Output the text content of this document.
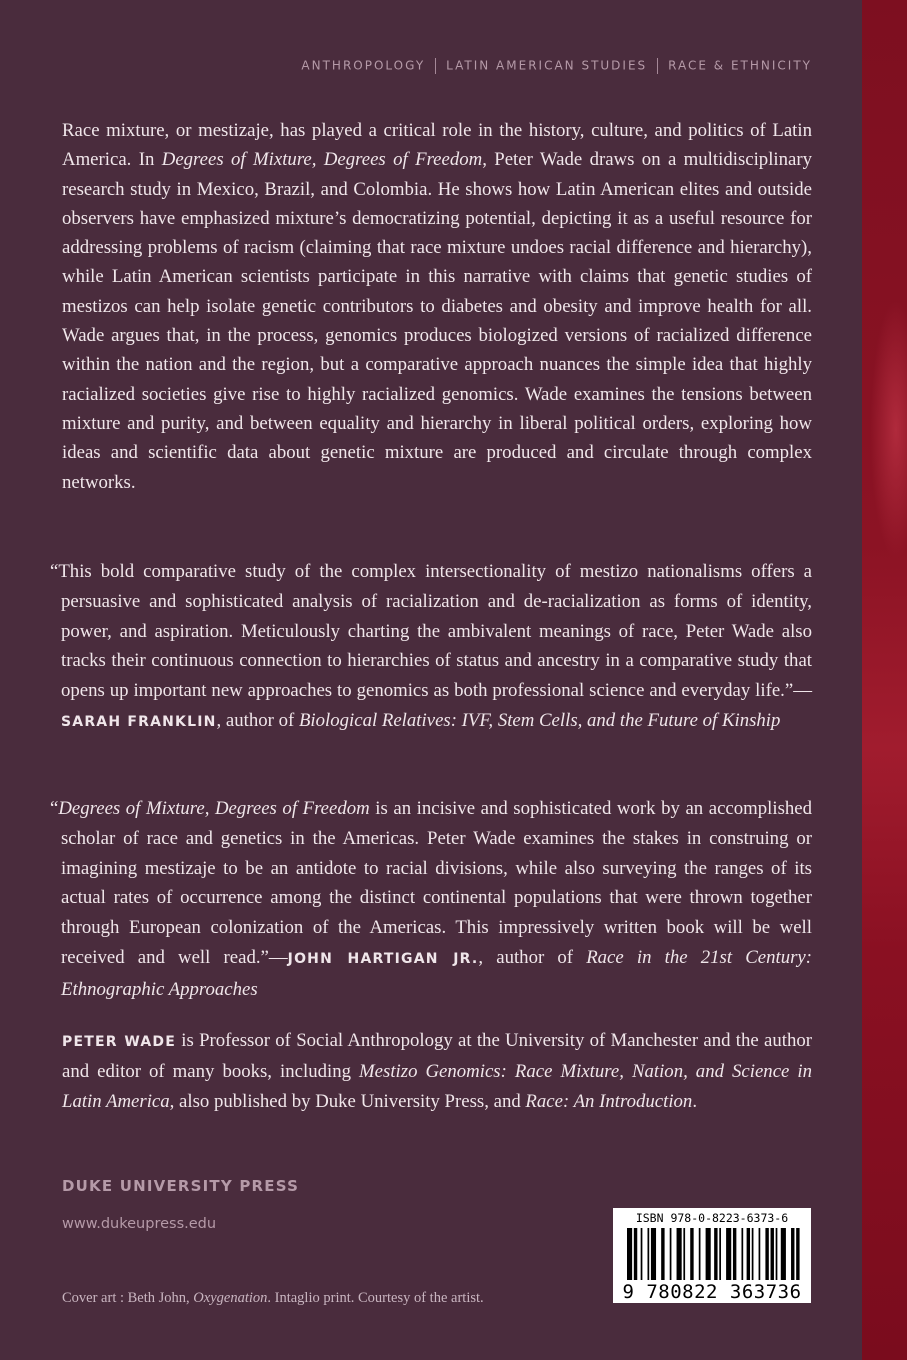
ANTHROPOLOGY LATIN AMERICAN STUDIES RACE & ETHNICITY
Race mixture, or mestizaje, has played a critical role in the history, culture, and politics of Latin America. In Degrees of Mixture, Degrees of Freedom, Peter Wade draws on a multidisciplinary research study in Mexico, Brazil, and Colombia. He shows how Latin American elites and outside observers have emphasized mixture’s democratizing potential, depicting it as a useful resource for addressing problems of racism (claiming that race mixture undoes racial difference and hierarchy), while Latin American scientists participate in this narrative with claims that genetic studies of mestizos can help isolate genetic contributors to diabetes and obesity and improve health for all. Wade argues that, in the process, genomics produces biologized versions of racialized difference within the nation and the region, but a comparative approach nuances the simple idea that highly racialized societies give rise to highly racialized genomics. Wade examines the tensions between mixture and purity, and between equality and hierarchy in liberal political orders, exploring how ideas and scientific data about genetic mixture are produced and circulate through complex networks.
“This bold comparative study of the complex intersectionality of mestizo nationalisms offers a persuasive and sophisticated analysis of racialization and de-racialization as forms of identity, power, and aspiration. Meticulously charting the ambivalent meanings of race, Peter Wade also tracks their continuous connection to hierarchies of status and ancestry in a comparative study that opens up important new approaches to genomics as both professional science and everyday life.”—SARAH FRANKLIN, author of Biological Relatives: IVF, Stem Cells, and the Future of Kinship
“Degrees of Mixture, Degrees of Freedom is an incisive and sophisticated work by an accomplished scholar of race and genetics in the Americas. Peter Wade examines the stakes in construing or imagining mestizaje to be an antidote to racial divisions, while also surveying the ranges of its actual rates of occurrence among the distinct continental populations that were thrown together through European colonization of the Americas. This impressively written book will be well received and well read.”—JOHN HARTIGAN JR., author of Race in the 21st Century: Ethnographic Approaches
PETER WADE is Professor of Social Anthropology at the University of Manchester and the author and editor of many books, including Mestizo Genomics: Race Mixture, Nation, and Science in Latin America, also published by Duke University Press, and Race: An Introduction.
DUKE UNIVERSITY PRESS
www.dukeupress.edu
Cover art : Beth John, Oxygenation. Intaglio print. Courtesy of the artist.
ISBN 978-0-8223-6373-6
9 780822 363736
